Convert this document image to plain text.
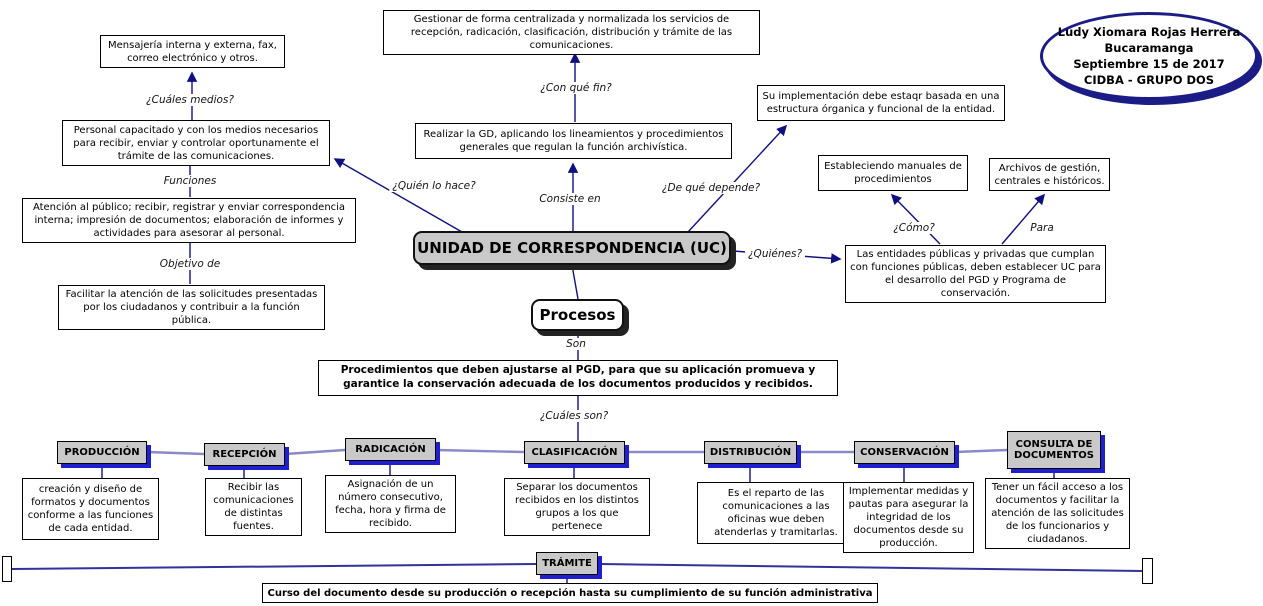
Ludy Xiomara Rojas Herrera
Bucaramanga
Septiembre 15 de 2017
CIDBA - GRUPO DOS
Gestionar de forma centralizada y normalizada los servicios de recepción, radicación, clasificación, distribución y trámite de las comunicaciones.
Mensajería interna y externa, fax, correo electrónico y otros.
Personal capacitado y con los medios necesarios para recibir, enviar y controlar oportunamente el trámite de las comunicaciones.
Atención al público; recibir, registrar y enviar correspondencia interna; impresión de documentos; elaboración de informes y actividades para asesorar al personal.
Facilitar la atención de las solicitudes presentadas por los ciudadanos y contribuir a la función pública.
Realizar la GD, aplicando los lineamientos y procedimientos generales que regulan la función archivística.
Su implementación debe estaqr basada en una estructura órganica y funcional de la entidad.
Estableciendo manuales de procedimientos
Archivos de gestión, centrales e históricos.
Las entidades públicas y privadas que cumplan con funciones públicas, deben establecer UC para el desarrollo del PGD y Programa de conservación.
Procedimientos que deben ajustarse al PGD, para que su aplicación promueva y garantice la conservación adecuada de los documentos producidos y recibidos.
Curso del documento desde su producción o recepción hasta su cumplimiento de su función administrativa
UNIDAD DE CORRESPONDENCIA (UC)
Procesos
TRÁMITE
¿Cuáles medios?
Funciones
Objetivo de
¿Con qué fin?
¿Quién lo hace?
Consiste en
¿De qué depende?
¿Quiénes?
¿Cómo?	Para
Son
¿Cuáles son?
PRODUCCIÓN	RECEPCIÓN	RADICACIÓN	CLASIFICACIÓN	DISTRIBUCIÓN	CONSERVACIÓN
CONSULTA DE DOCUMENTOS
creación y diseño de formatos y documentos conforme a las funciones de cada entidad.
Recibir las comunicaciones de distintas fuentes.
Asignación de un número consecutivo, fecha, hora y firma de recibido.
Separar los documentos recibidos en los distintos grupos a los que pertenece
Es el reparto de las comunicaciones a las oficinas wue deben atenderlas y tramitarlas.
Implementar medidas y pautas para asegurar la integridad de los documentos desde su producción.
Tener un fácil acceso a los documentos y facilitar la atención de las solicitudes de los funcionarios y ciudadanos.
